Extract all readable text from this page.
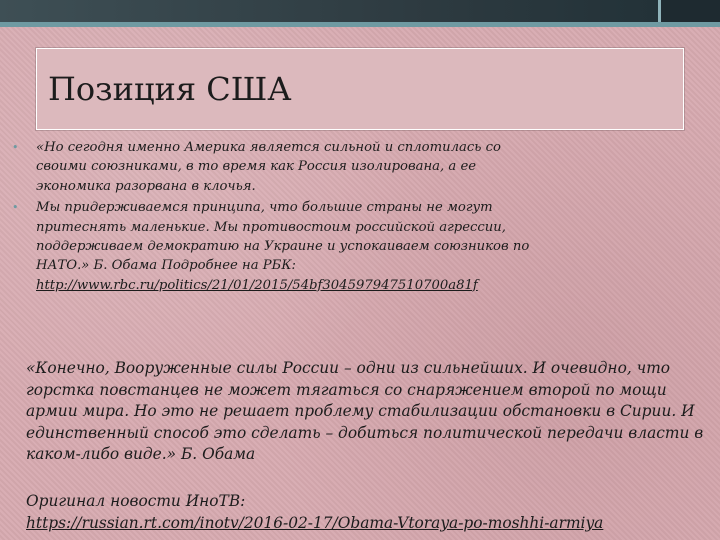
Позиция США
• «Но сегодня именно Америка является сильной и сплотилась со своими союзниками, в то время как Россия изолирована, а ее экономика разорвана в клочья.
• Мы придерживаемся принципа, что большие страны не могут притеснять маленькие. Мы противостоим российской агрессии, поддерживаем демократию на Украине и успокаиваем союзников по НАТО.» Б. Обама Подробнее на РБК:
http://www.rbc.ru/politics/21/01/2015/54bf304597947510700a81f

«Конечно, Вооруженные силы России – одни из сильнейших. И очевидно, что горстка повстанцев не может тягаться со снаряжением второй по мощи армии мира. Но это не решает проблему стабилизации обстановки в Сирии. И единственный способ это сделать – добиться политической передачи власти в каком-либо виде.» Б. Обама

Оригинал новости ИноТВ:
https://russian.rt.com/inotv/2016-02-17/Obama-Vtoraya-po-moshhi-armiya
